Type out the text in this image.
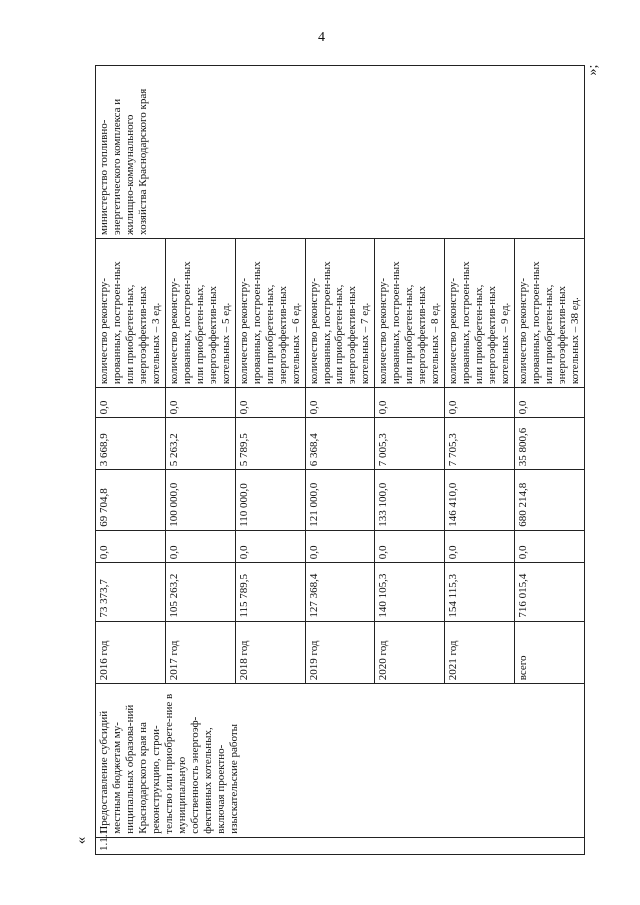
4
«
»;
1.1.1	Предоставление субсидий местным бюджетам му-ниципальных образова-ний Краснодарского края на реконструкцию, строи-тельство или приобрете-ние в муниципальную собственность энергоэф-фективных котельных, включая проектно-изыскательские работы	2016 год	73 373,7	0,0	69 704,8	3 668,9	0,0	количество реконстру-ированных, построен-ных или приобретен-ных, энергоэффектив-ных котельных – 3 ед.	министерство топливно-энергетического комплекса и жилищно-коммунального хозяйства Краснодарского края
		2017 год	105 263,2	0,0	100 000,0	5 263,2	0,0	количество реконстру-ированных, построен-ных или приобретен-ных, энергоэффектив-ных котельных – 5 ед.	
		2018 год	115 789,5	0,0	110 000,0	5 789,5	0,0	количество реконстру-ированных, построен-ных или приобретен-ных, энергоэффектив-ных котельных – 6 ед.	
		2019 год	127 368,4	0,0	121 000,0	6 368,4	0,0	количество реконстру-ированных, построен-ных или приобретен-ных, энергоэффектив-ных котельных – 7 ед.	
		2020 год	140 105,3	0,0	133 100,0	7 005,3	0,0	количество реконстру-ированных, построен-ных или приобретен-ных, энергоэффектив-ных котельных – 8 ед.	
		2021 год	154 115,3	0,0	146 410,0	7 705,3	0,0	количество реконстру-ированных, построен-ных или приобретен-ных, энергоэффектив-ных котельных – 9 ед.	
		всего	716 015,4	0,0	680 214,8	35 800,6	0,0	количество реконстру-ированных, построен-ных или приобретен-ных, энергоэффектив-ных котельных – 38 ед.	
